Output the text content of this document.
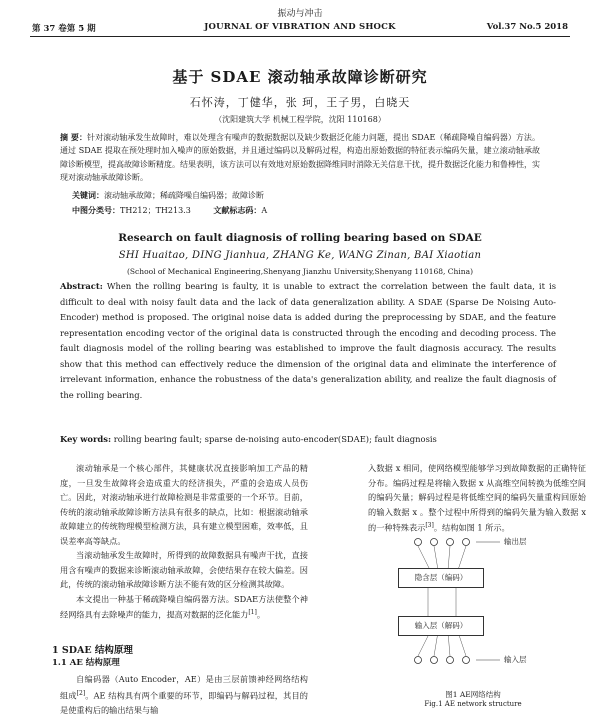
振动与冲击
第 37 卷第 5 期	JOURNAL OF VIBRATION AND SHOCK	Vol.37 No.5 2018
基于 SDAE 滚动轴承故障诊断研究
石怀涛，丁健华，张 珂，王子男，白晓天
（沈阳建筑大学 机械工程学院，沈阳 110168）
摘 要：针对滚动轴承发生故障时，难以处理含有噪声的数据数据以及缺少数据泛化能力问题，提出 SDAE（稀疏降噪自编码器）方法。通过 SDAE 提取在预处理时加入噪声的原始数据，并且通过编码以及解码过程，构造出原始数据的特征表示编码矢量，建立滚动轴承故障诊断模型，提高故障诊断精度。结果表明，该方法可以有效地对原始数据降维同时消除无关信息干扰，提升数据泛化能力和鲁棒性，实现对滚动轴承故障诊断。
关键词：滚动轴承故障；稀疏降噪自编码器；故障诊断
中图分类号：TH212；TH213.3	文献标志码：A
Research on fault diagnosis of rolling bearing based on SDAE
SHI Huaitao, DING Jianhua, ZHANG Ke, WANG Zinan, BAI Xiaotian
(School of Mechanical Engineering,Shenyang Jianzhu University,Shenyang 110168, China)
Abstract: When the rolling bearing is faulty, it is unable to extract the correlation between the fault data, it is difficult to deal with noisy fault data and the lack of data generalization ability. A SDAE (Sparse De Noising Auto-Encoder) method is proposed. The original noise data is added during the preprocessing by SDAE, and the feature representation encoding vector of the original data is constructed through the encoding and decoding process. The fault diagnosis model of the rolling bearing was established to improve the fault diagnosis accuracy. The results show that this method can effectively reduce the dimension of the original data and eliminate the interference of irrelevant information, enhance the robustness of the data's generalization ability, and realize the fault diagnosis of the rolling bearing.
Key words: rolling bearing fault; sparse de-noising auto-encoder(SDAE); fault diagnosis

滚动轴承是一个核心部件，其健康状况直接影响加工产品的精度，一旦发生故障将会造成重大的经济损失，严重的会造成人员伤亡。因此，对滚动轴承进行故障检测是非常重要的一个环节。目前，传统的滚动轴承故障诊断方法具有很多的缺点，比如：根据滚动轴承故障建立的传统物理模型检测方法，具有建立模型困难，效率低，且误差率高等缺点。

当滚动轴承发生故障时，所得到的故障数据具有噪声干扰，直接用含有噪声的数据来诊断滚动轴承故障，会使结果存在较大偏差。因此，传统的滚动轴承故障诊断方法不能有效的区分检测其故障。

本文提出一种基于稀疏降噪自编码器方法。SDAE方法使整个神经网络具有去除噪声的能力，提高对数据的泛化能力[1]。

1 SDAE 结构原理
1.1 AE 结构原理
自编码器（Auto Encoder，AE）是由三层前馈神经网络结构组成[2]。AE 结构具有两个重要的环节，即编码与解码过程，其目的是使重构后的输出结果与输
入数据 x 相同，使网络模型能够学习到故障数据的正确特征分布。编码过程是将输入数据 x 从高维空间转换为低维空间的编码矢量；解码过程是将低维空间的编码矢量重构回原始的输入数据 x 。整个过程中所得到的编码矢量为输入数据 x 的一种特殊表示[3]。结构如图 1 所示。
隐含层（编码）
输入层（解码）
输出层
输入层
图1 AE网络结构
Fig.1 AE network structure
